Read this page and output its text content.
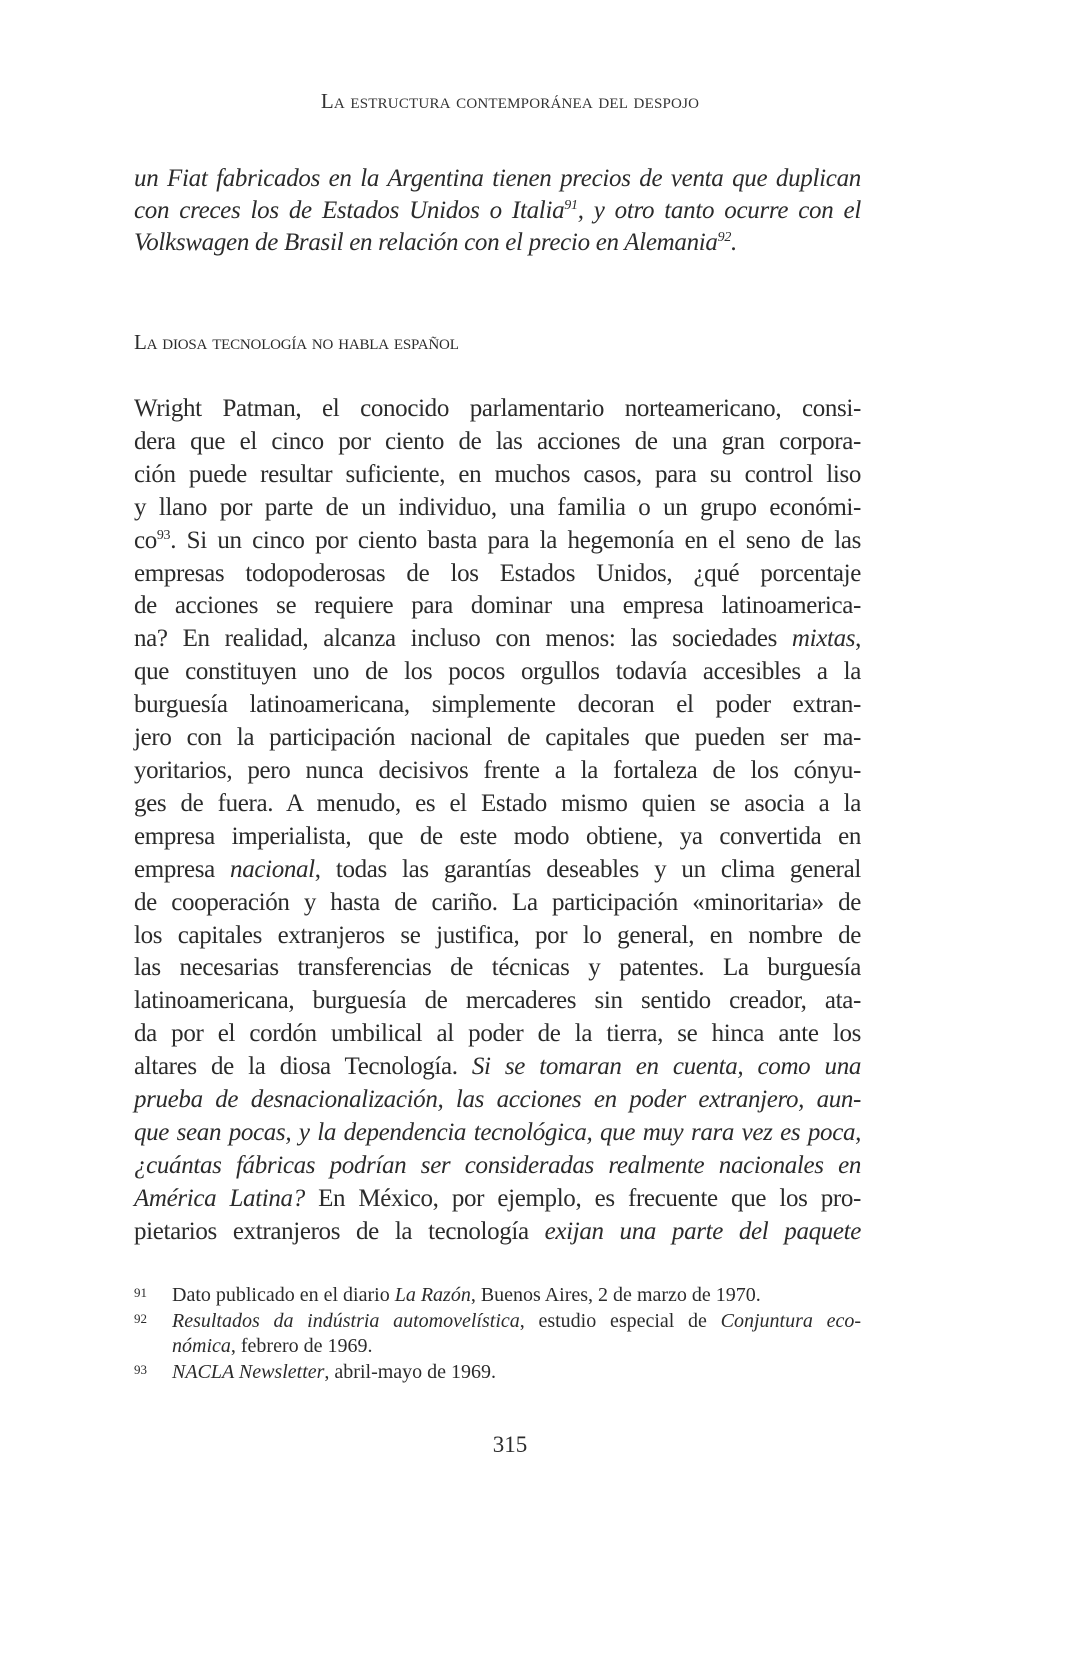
La estructura contemporánea del despojo
un Fiat fabricados en la Argentina tienen precios de venta que duplican
con creces los de Estados Unidos o Italia$^{91}$, y otro tanto ocurre con el
Volkswagen de Brasil en relación con el precio en Alemania$^{92}$.
La diosa tecnología no habla español
Wright Patman, el conocido parlamentario norteamericano, consi-
dera que el cinco por ciento de las acciones de una gran corpora-
ción puede resultar suficiente, en muchos casos, para su control liso
y llano por parte de un individuo, una familia o un grupo económi-
$co^{93}$. Si un cinco por ciento basta para la hegemonía en el seno de las
empresas todopoderosas de los Estados Unidos, ¿qué porcentaje
de acciones se requiere para dominar una empresa latinoamerica-
na? En realidad, alcanza incluso con menos: las sociedades mixtas,
que constituyen uno de los pocos orgullos todavía accesibles a la
burguesía latinoamericana, simplemente decoran el poder extran-
jero con la participación nacional de capitales que pueden ser ma-
yoritarios, pero nunca decisivos frente a la fortaleza de los cónyu-
ges de fuera. A menudo, es el Estado mismo quien se asocia a la
empresa imperialista, que de este modo obtiene, ya convertida en
empresa nacional, todas las garantías deseables y un clima general
de cooperación y hasta de cariño. La participación «minoritaria» de
los capitales extranjeros se justifica, por lo general, en nombre de
las necesarias transferencias de técnicas y patentes. La burguesía
latinoamericana, burguesía de mercaderes sin sentido creador, ata-
da por el cordón umbilical al poder de la tierra, se hinca ante los
altares de la diosa Tecnología. Si se tomaran en cuenta, como una
prueba de desnacionalización, las acciones en poder extranjero, aun-
que sean pocas, y la dependencia tecnológica, que muy rara vez es poca,
¿cuántas fábricas podrían ser consideradas realmente nacionales en
América Latina? En México, por ejemplo, es frecuente que los pro-
pietarios extranjeros de la tecnología exijan una parte del paquete
91 Dato publicado en el diario La Razón, Buenos Aires, 2 de marzo de 1970.
92 Resultados da indústria automovelística, estudio especial de Conjuntura eco-
nómica, febrero de 1969.
93 NACLA Newsletter, abril-mayo de 1969.
315
